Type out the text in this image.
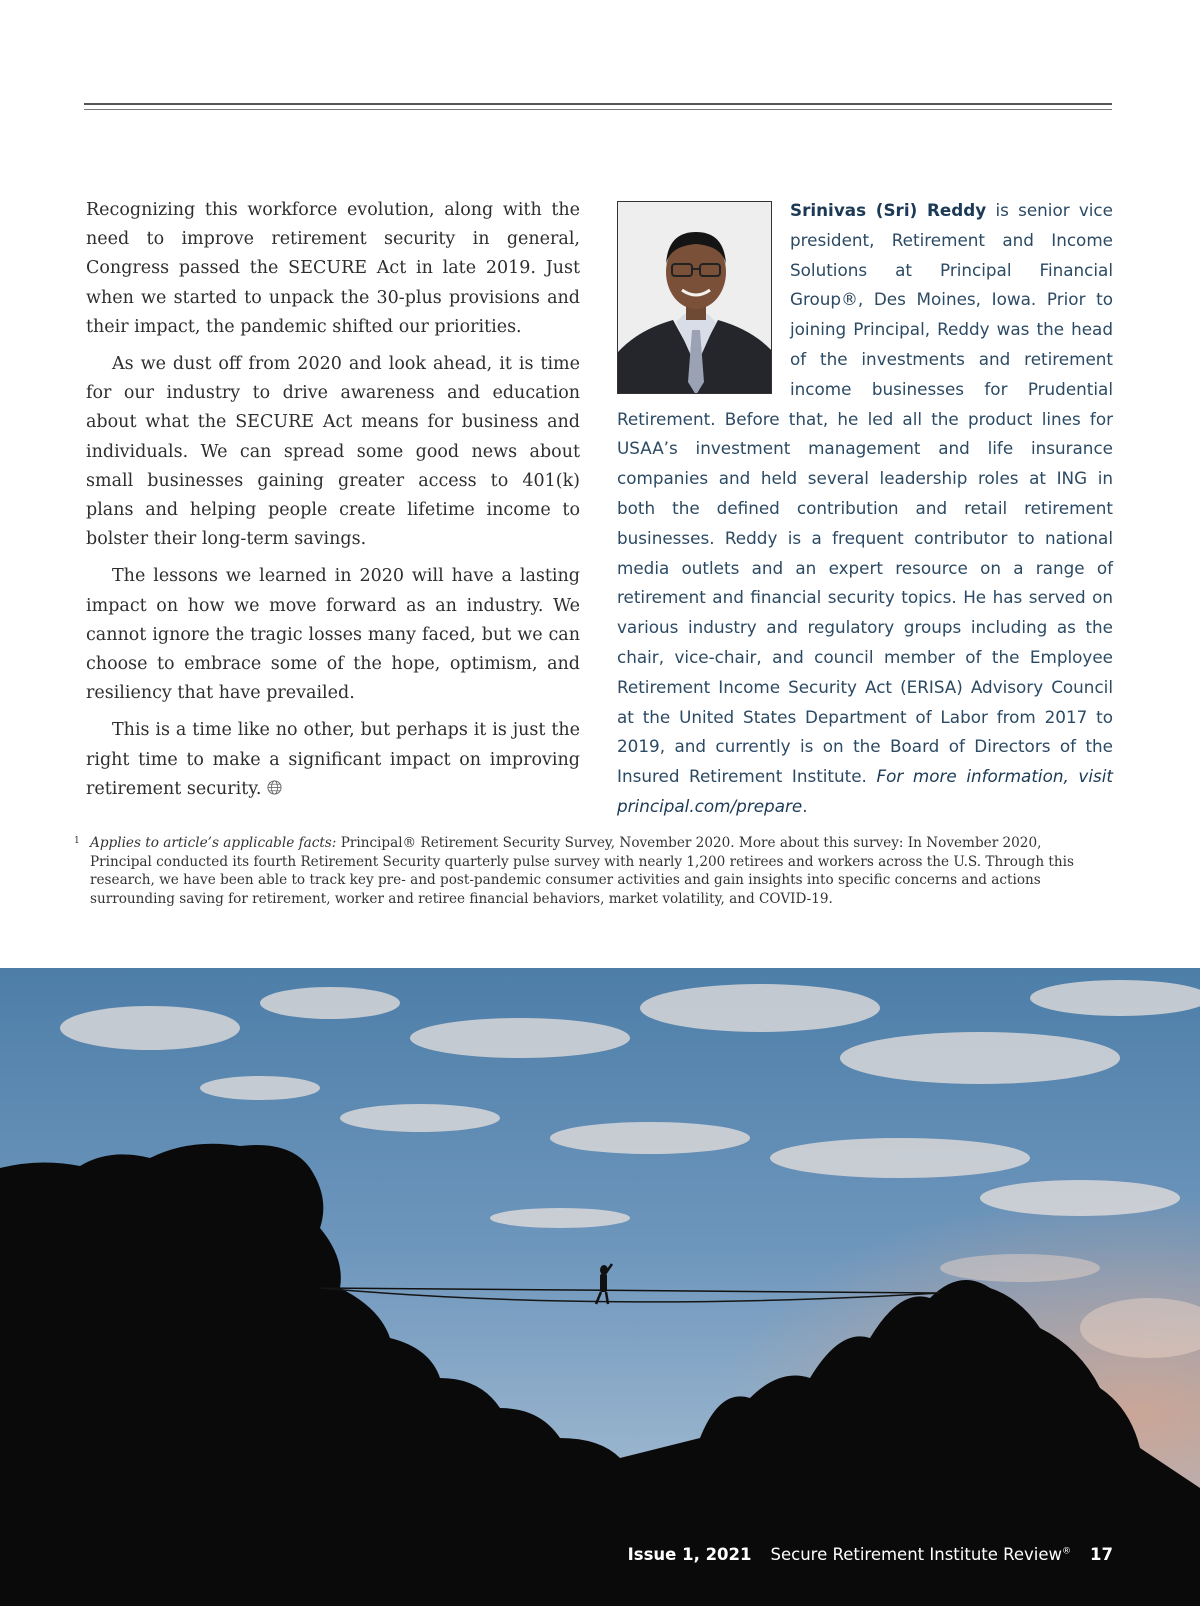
Recognizing this workforce evolution, along with the need to improve retirement security in general, Congress passed the SECURE Act in late 2019. Just when we started to unpack the 30-plus provisions and their impact, the pandemic shifted our priorities.

As we dust off from 2020 and look ahead, it is time for our industry to drive awareness and education about what the SECURE Act means for business and individuals. We can spread some good news about small businesses gaining greater access to 401(k) plans and helping people create lifetime income to bolster their long-term savings.

The lessons we learned in 2020 will have a lasting impact on how we move forward as an industry. We cannot ignore the tragic losses many faced, but we can choose to embrace some of the hope, optimism, and resiliency that have prevailed.

This is a time like no other, but perhaps it is just the right time to make a significant impact on improving retirement security.

Srinivas (Sri) Reddy is senior vice president, Retirement and Income Solutions at Principal Financial Group®, Des Moines, Iowa. Prior to joining Principal, Reddy was the head of the investments and retirement income businesses for Prudential Retirement. Before that, he led all the product lines for USAA’s investment management and life insurance companies and held several leadership roles at ING in both the defined contribution and retail retirement businesses. Reddy is a frequent contributor to national media outlets and an expert resource on a range of retirement and financial security topics. He has served on various industry and regulatory groups including as the chair, vice-chair, and council member of the Employee Retirement Income Security Act (ERISA) Advisory Council at the United States Department of Labor from 2017 to 2019, and currently is on the Board of Directors of the Insured Retirement Institute. For more information, visit principal.com/prepare.

1 Applies to article’s applicable facts: Principal® Retirement Security Survey, November 2020. More about this survey: In November 2020, Principal conducted its fourth Retirement Security quarterly pulse survey with nearly 1,200 retirees and workers across the U.S. Through this research, we have been able to track key pre- and post-pandemic consumer activities and gain insights into specific concerns and actions surrounding saving for retirement, worker and retiree financial behaviors, market volatility, and COVID-19.
Issue 1, 2021 Secure Retirement Institute Review® 17
